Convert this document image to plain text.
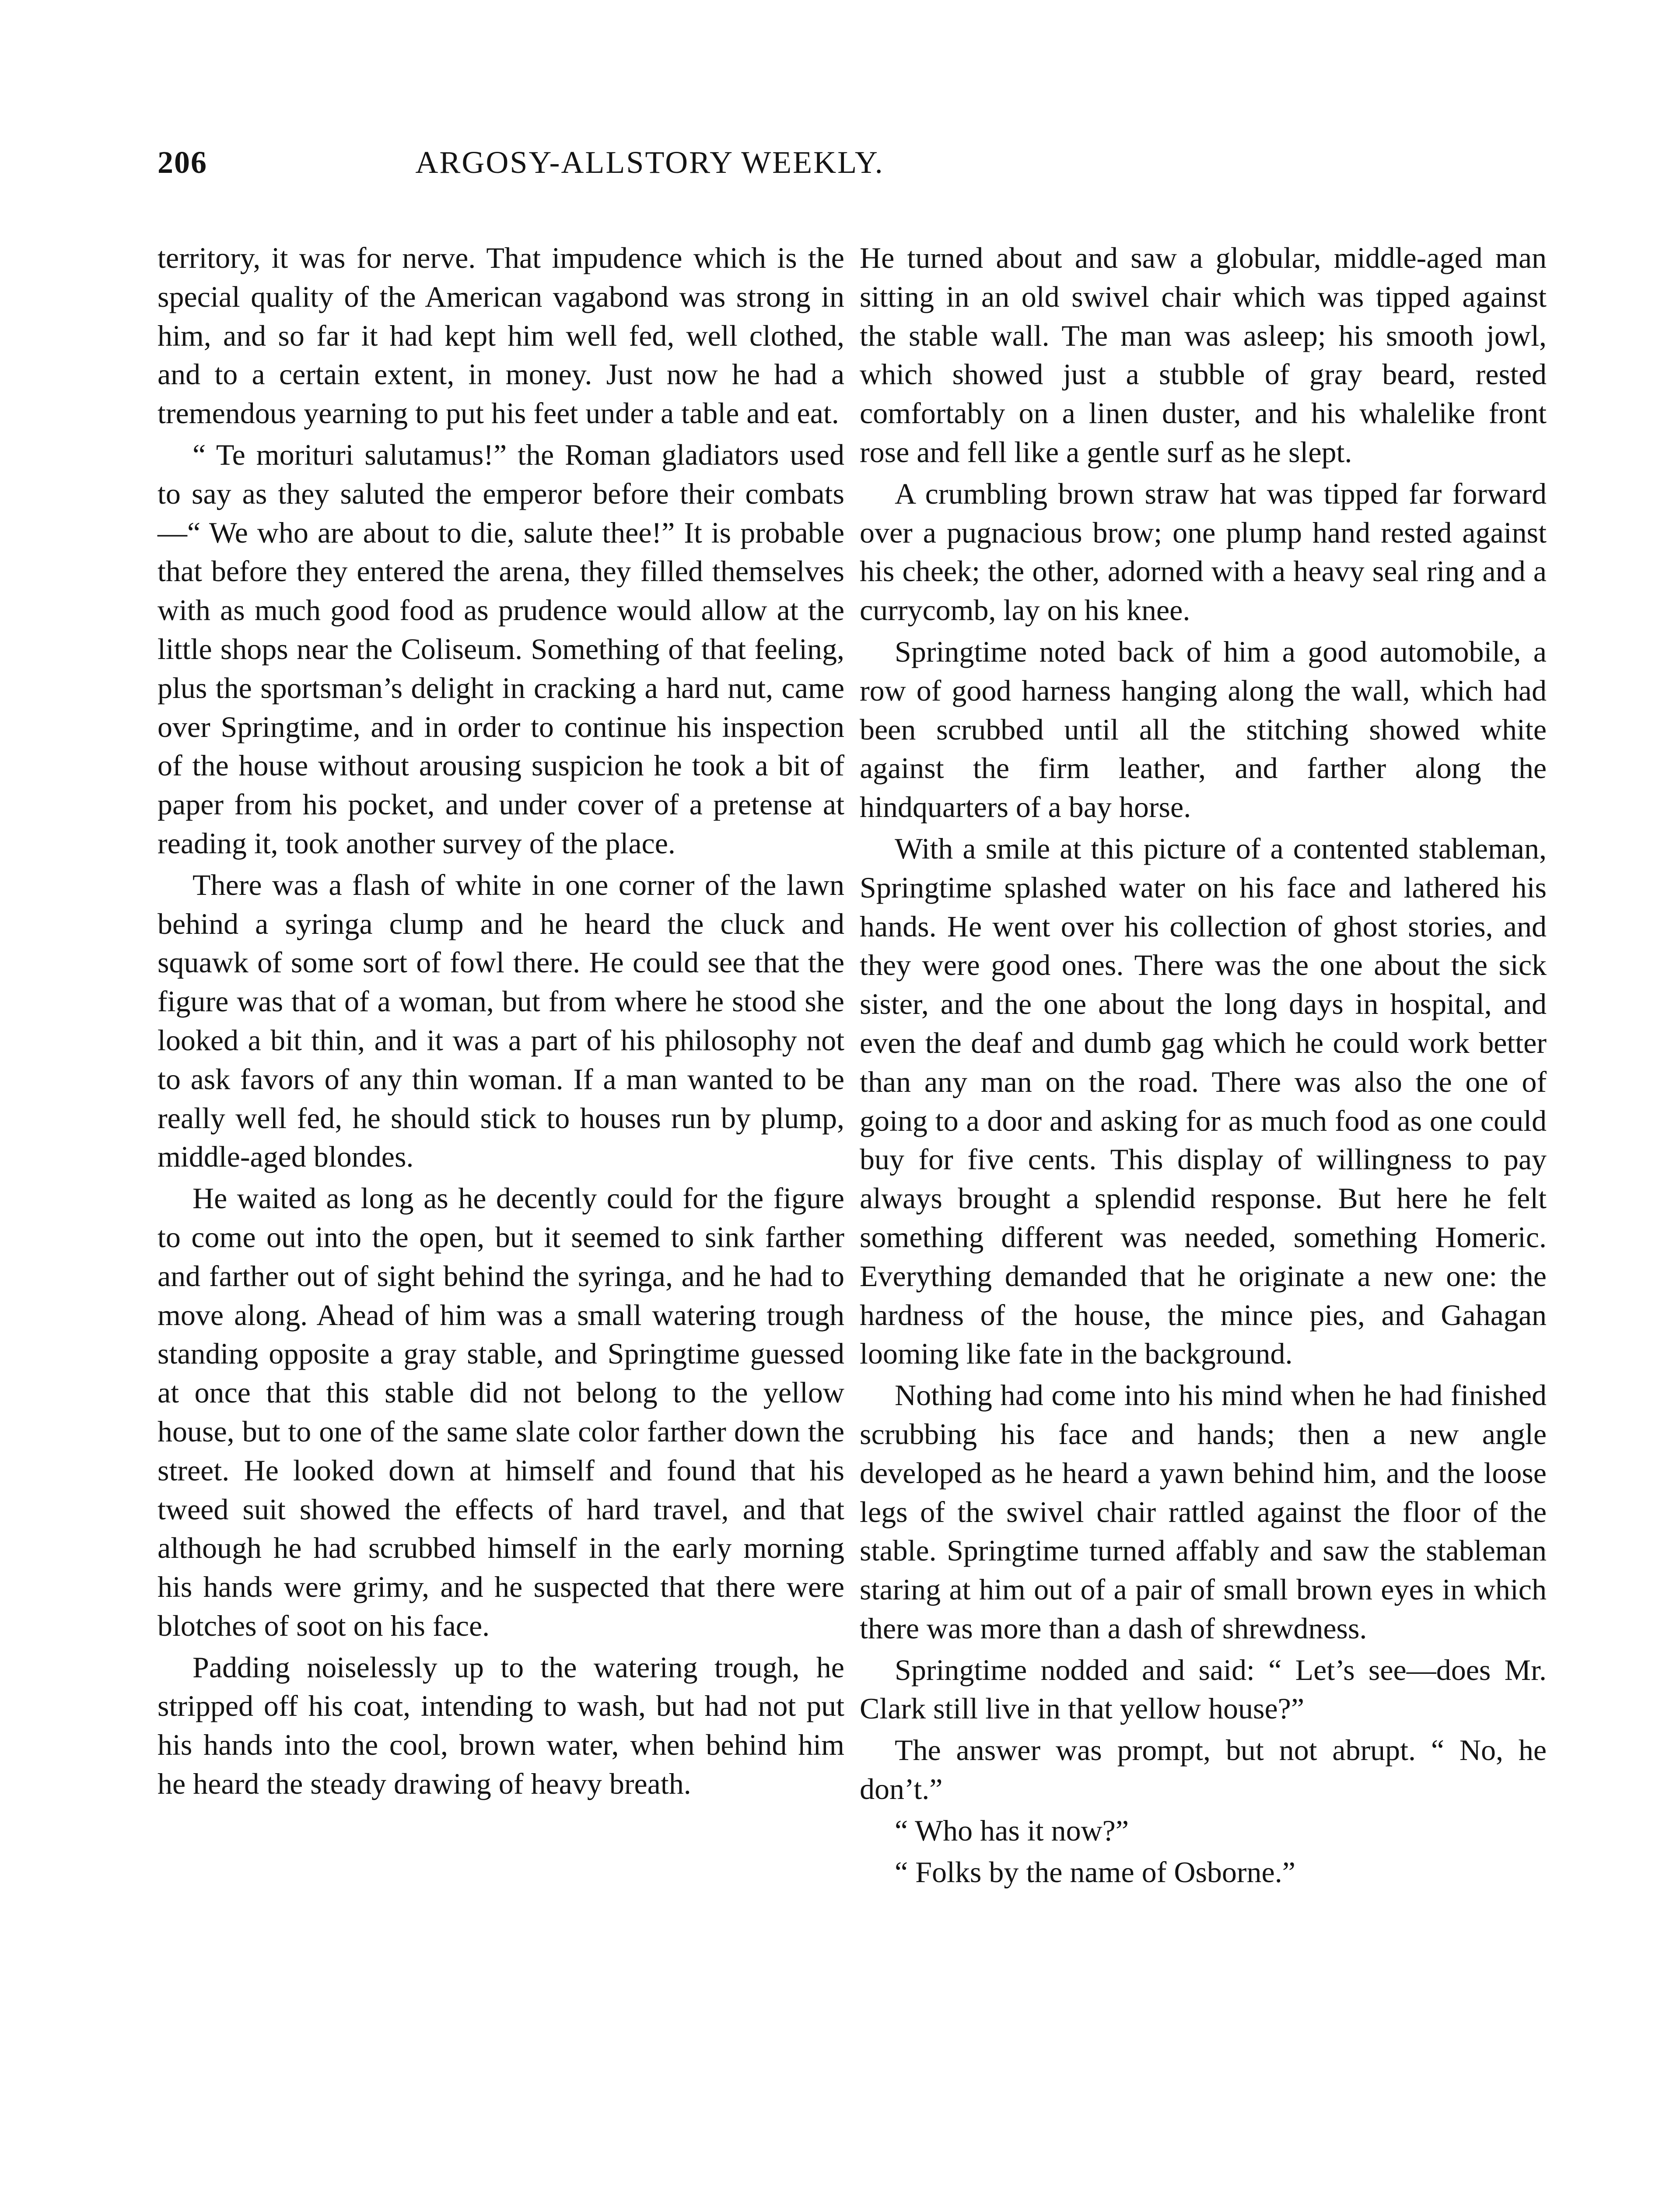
206	ARGOSY-ALLSTORY WEEKLY.

territory, it was for nerve. That impudence which is the special quality of the American vagabond was strong in him, and so far it had kept him well fed, well clothed, and to a certain extent, in money. Just now he had a tremendous yearning to put his feet under a table and eat.

“ Te morituri salutamus!” the Roman gladiators used to say as they saluted the emperor before their combats—“ We who are about to die, salute thee!” It is probable that before they entered the arena, they filled themselves with as much good food as prudence would allow at the little shops near the Coliseum. Something of that feeling, plus the sportsman’s delight in cracking a hard nut, came over Springtime, and in order to continue his inspection of the house without arousing suspicion he took a bit of paper from his pocket, and under cover of a pretense at reading it, took another survey of the place.

There was a flash of white in one corner of the lawn behind a syringa clump and he heard the cluck and squawk of some sort of fowl there. He could see that the figure was that of a woman, but from where he stood she looked a bit thin, and it was a part of his philosophy not to ask favors of any thin woman. If a man wanted to be really well fed, he should stick to houses run by plump, middle-aged blondes.

He waited as long as he decently could for the figure to come out into the open, but it seemed to sink farther and farther out of sight behind the syringa, and he had to move along. Ahead of him was a small watering trough standing opposite a gray stable, and Springtime guessed at once that this stable did not belong to the yellow house, but to one of the same slate color farther down the street. He looked down at himself and found that his tweed suit showed the effects of hard travel, and that although he had scrubbed himself in the early morning his hands were grimy, and he suspected that there were blotches of soot on his face.

Padding noiselessly up to the watering trough, he stripped off his coat, intending to wash, but had not put his hands into the cool, brown water, when behind him he heard the steady drawing of heavy breath.

He turned about and saw a globular, middle-aged man sitting in an old swivel chair which was tipped against the stable wall. The man was asleep; his smooth jowl, which showed just a stubble of gray beard, rested comfortably on a linen duster, and his whalelike front rose and fell like a gentle surf as he slept.

A crumbling brown straw hat was tipped far forward over a pugnacious brow; one plump hand rested against his cheek; the other, adorned with a heavy seal ring and a currycomb, lay on his knee.

Springtime noted back of him a good automobile, a row of good harness hanging along the wall, which had been scrubbed until all the stitching showed white against the firm leather, and farther along the hindquarters of a bay horse.

With a smile at this picture of a contented stableman, Springtime splashed water on his face and lathered his hands. He went over his collection of ghost stories, and they were good ones. There was the one about the sick sister, and the one about the long days in hospital, and even the deaf and dumb gag which he could work better than any man on the road. There was also the one of going to a door and asking for as much food as one could buy for five cents. This display of willingness to pay always brought a splendid response. But here he felt something different was needed, something Homeric. Everything demanded that he originate a new one: the hardness of the house, the mince pies, and Gahagan looming like fate in the background.

Nothing had come into his mind when he had finished scrubbing his face and hands; then a new angle developed as he heard a yawn behind him, and the loose legs of the swivel chair rattled against the floor of the stable. Springtime turned affably and saw the stableman staring at him out of a pair of small brown eyes in which there was more than a dash of shrewdness.

Springtime nodded and said: “ Let’s see—does Mr. Clark still live in that yellow house?”

The answer was prompt, but not abrupt. “ No, he don’t.”

“ Who has it now?”

“ Folks by the name of Osborne.”
